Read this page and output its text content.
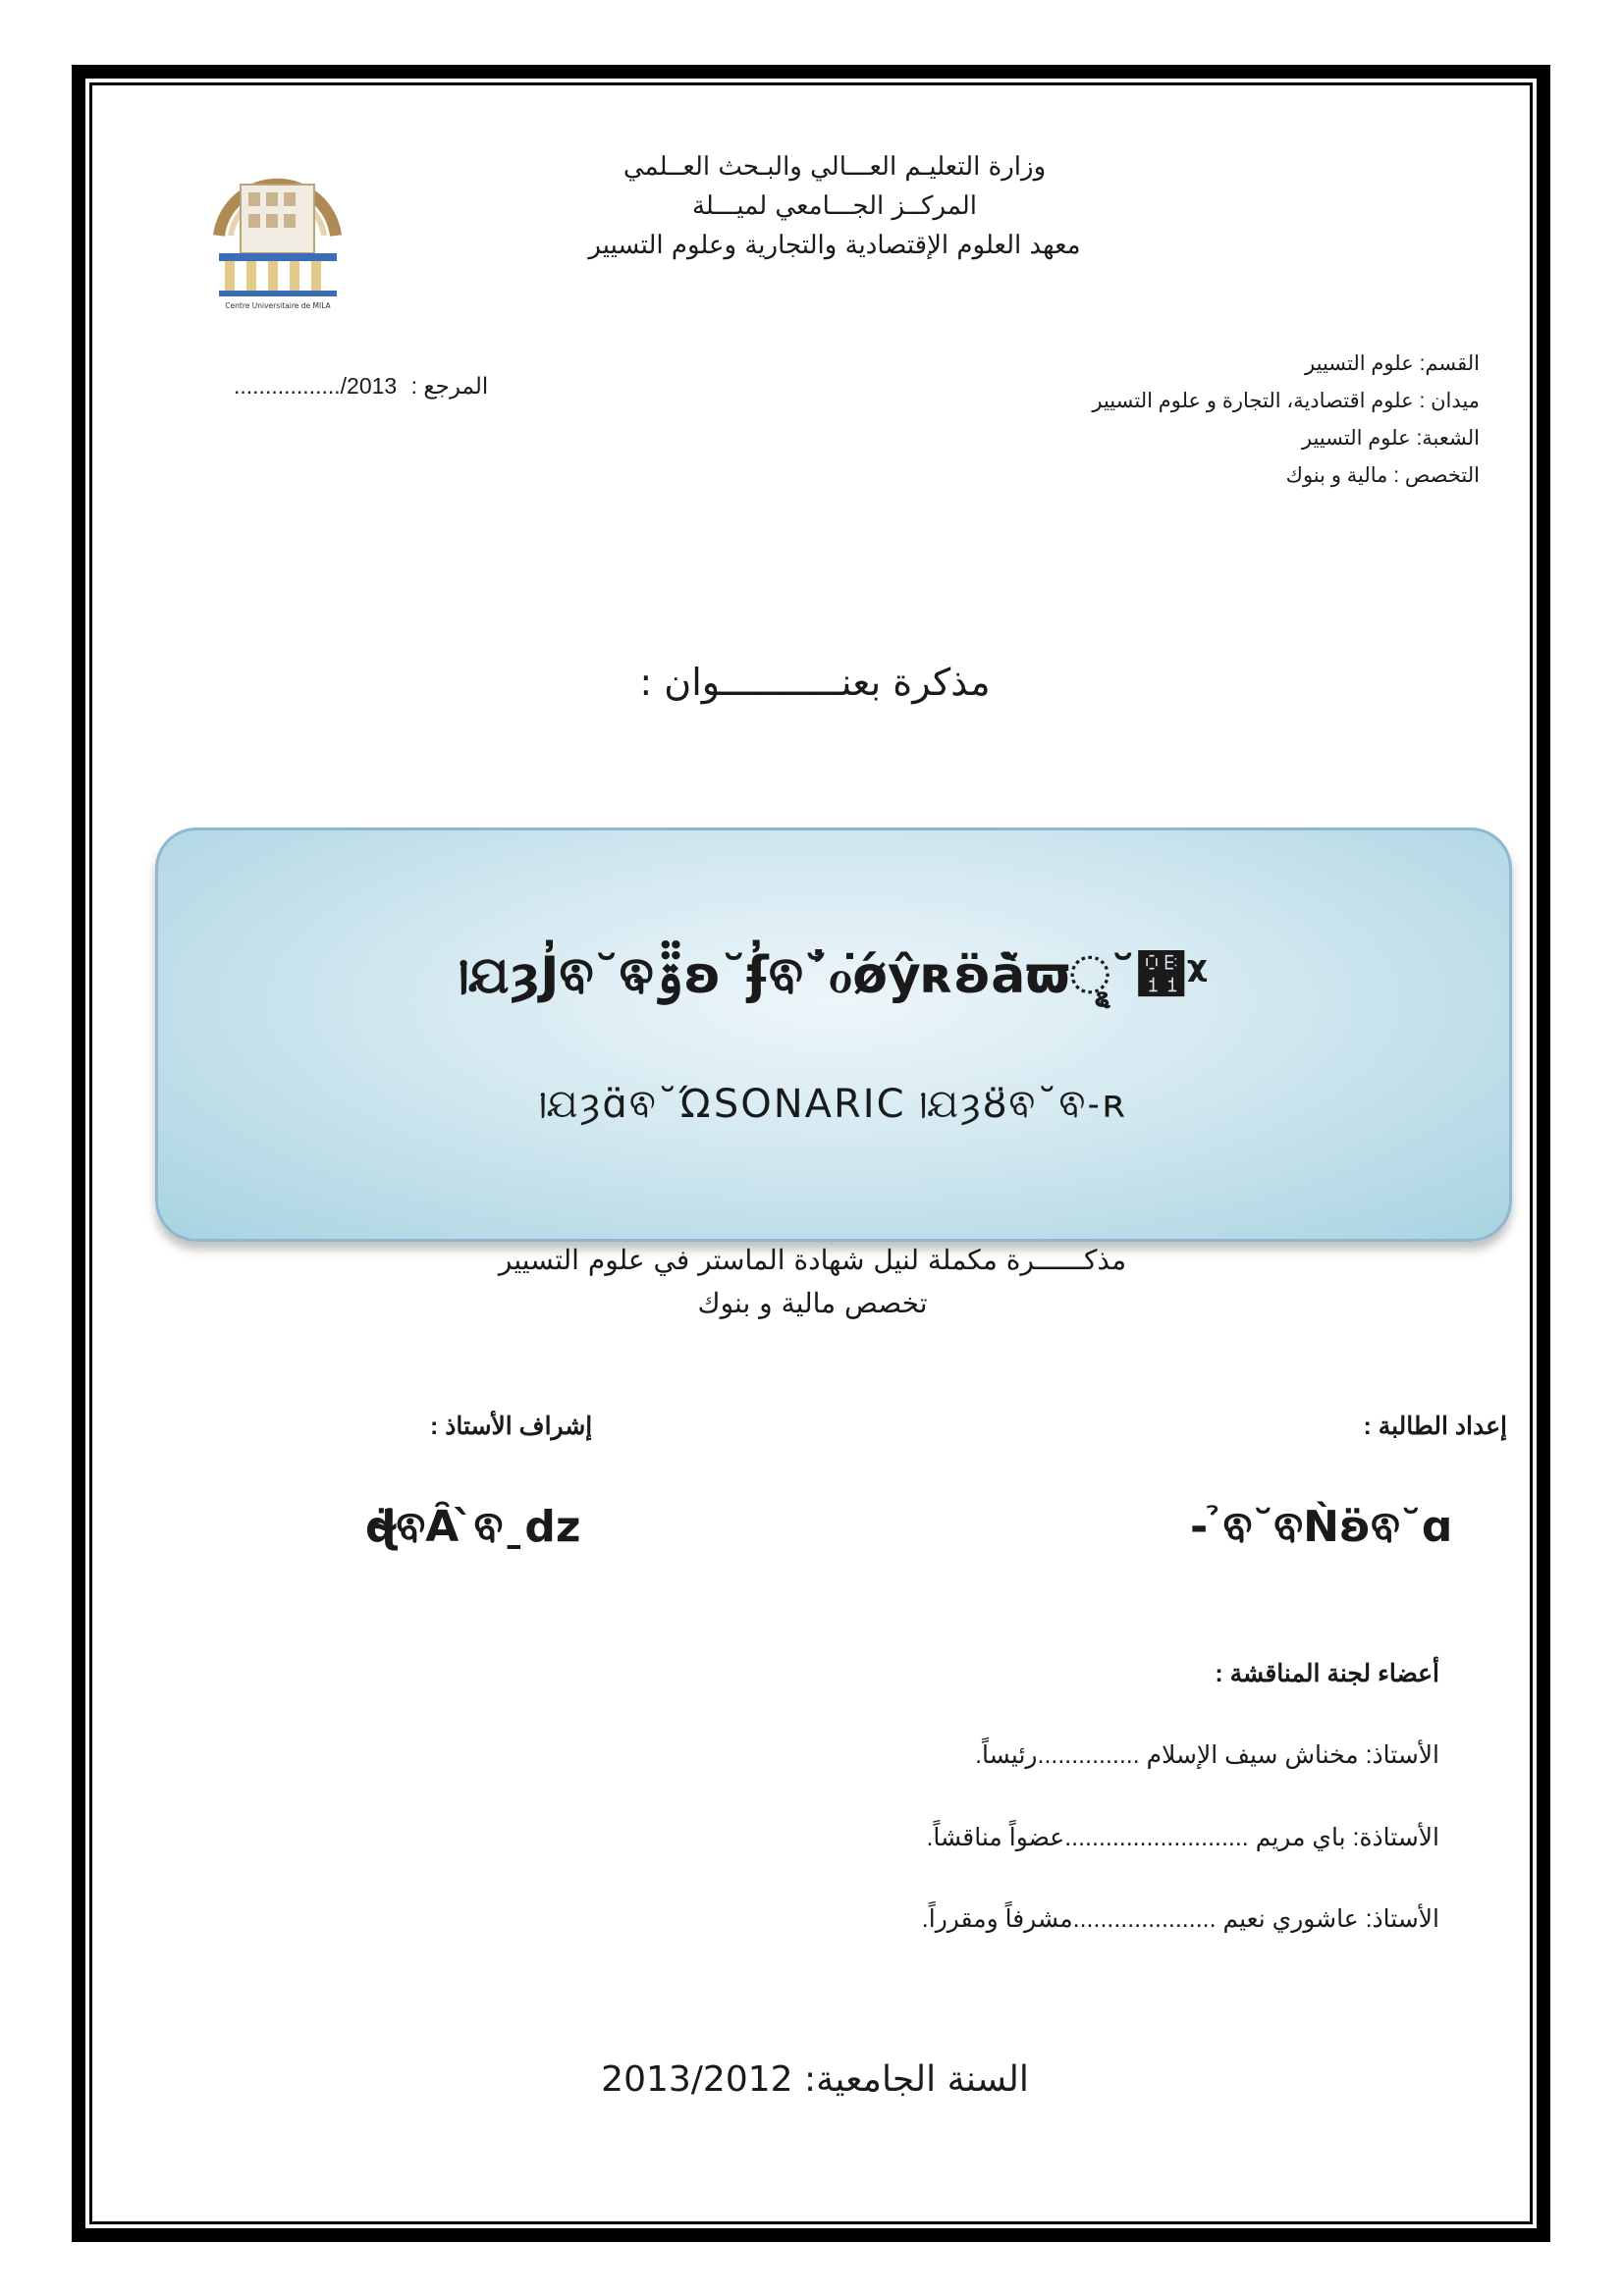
Centre Universitaire de MILA
وزارة التعليـم العـــالي والبـحث العــلمي
المركــز الجـــامعي لميـــلة
معهد العلوم الإقتصادية والتجارية وعلوم التسيير
................./2013 المرجع :
القسم: علوم التسيير
ميدان : علوم اقتصادية، التجارة و علوم التسيير
الشعبة: علوم التسيير
التخصص : مالية و بنوك
مذكرة بعنـــــــــــوان :
ࡶଯȝJ̓ଵ˘ଵ̵ۊ̈̈ʚ˘ʄ̓ଵ˘̓ℴ͘ǿŷʀʚ̈ӑ̀ϖୣ˘଑ᵡ
ࡶଯȝɑ̈ଵ˘ΏSONARIC ࡶଯȝȣ̈ଵ˘ଵ˗ʀ
مذكــــــرة مكملة لنيل شهادة الماستر في علوم التسيير
تخصص مالية و بنوك
إعداد الطالبة :
إشراف الأستاذ :
- ̉ଵ˘ଵǸʚ̈ଵ˘ɑ
ɖ̴̈ଵȂ ̀ଵˍǳ
أعضاء لجنة المناقشة :
الأستاذ: مخناش سيف الإسلام ...............رئيساً.
الأستاذة: باي مريم ...........................عضواً مناقشاً.
الأستاذ: عاشوري نعيم .....................مشرفاً ومقرراً.
السنة الجامعية: 2013/2012
